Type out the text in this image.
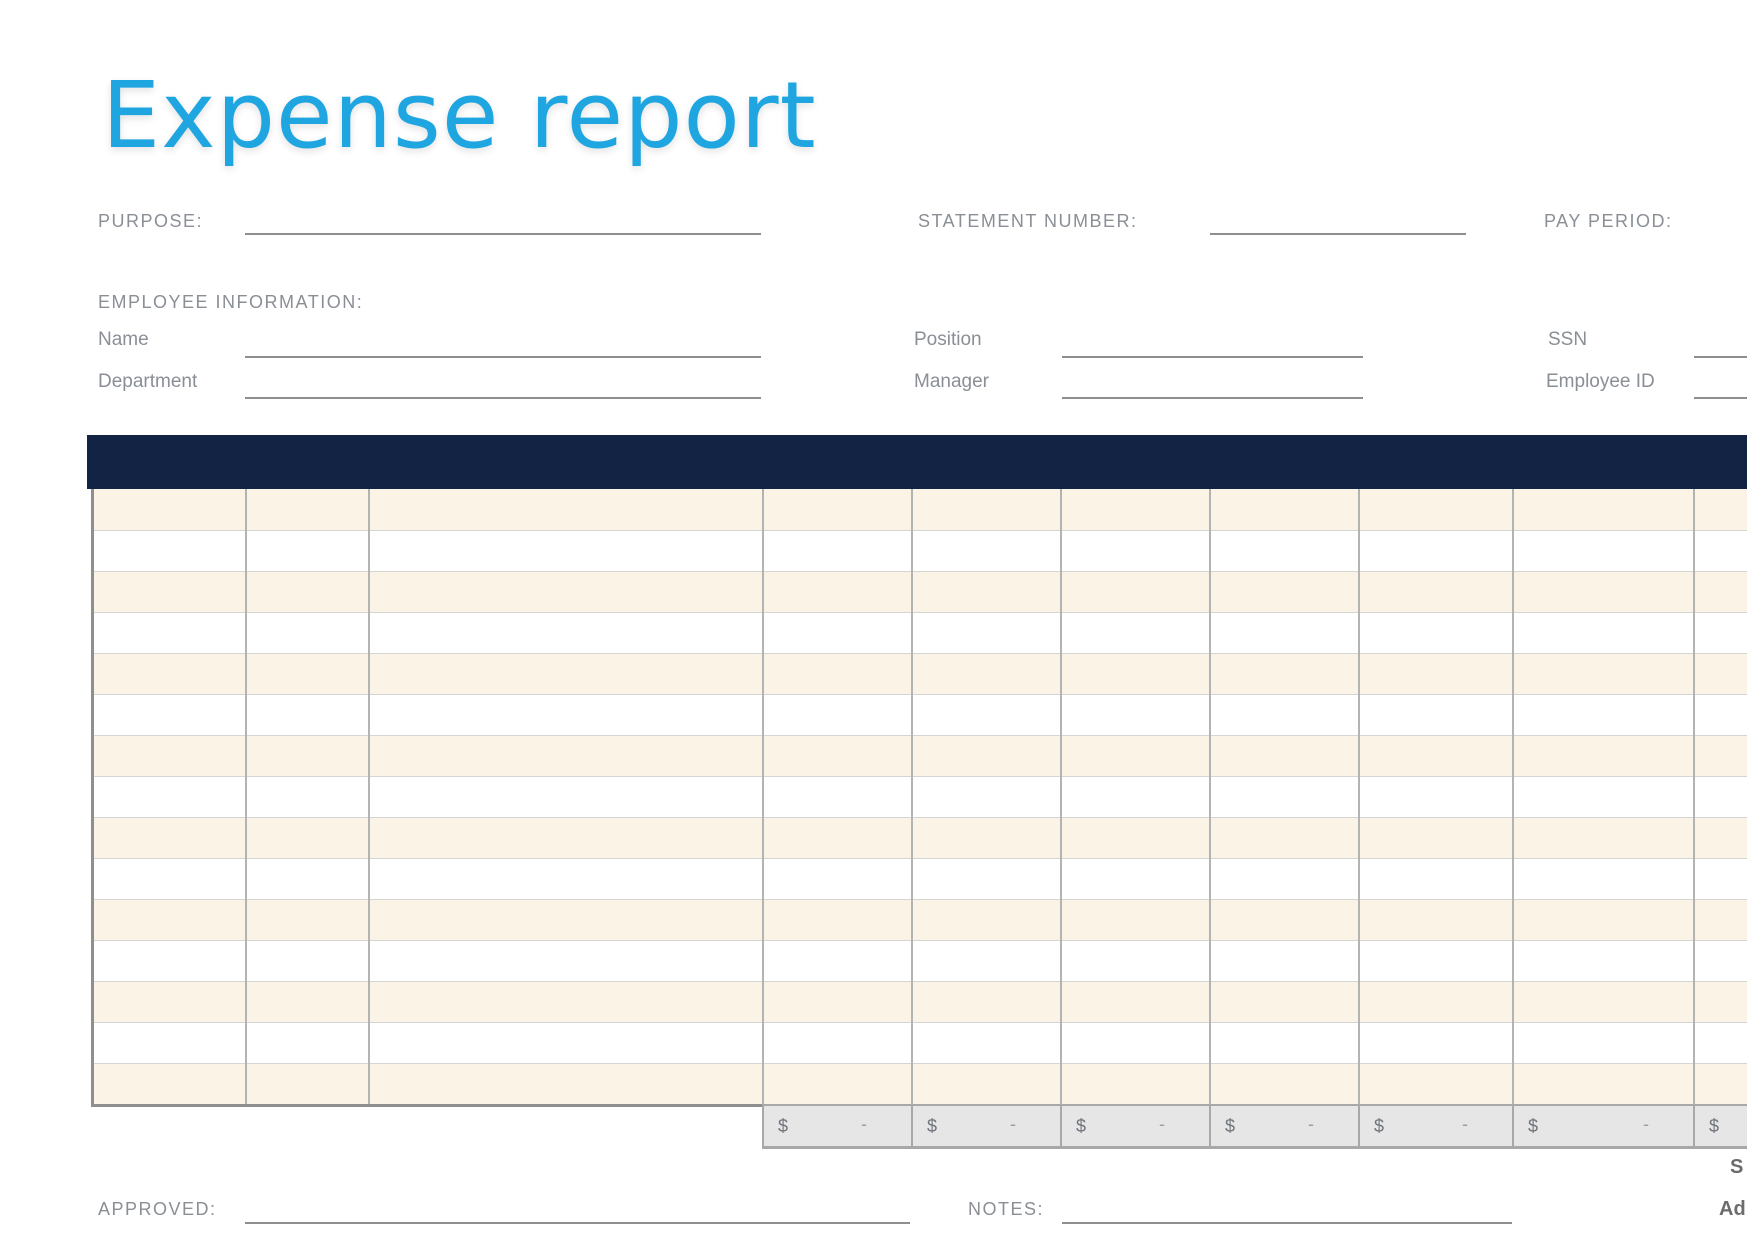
Expense report
PURPOSE:	STATEMENT NUMBER:	PAY PERIOD:
EMPLOYEE INFORMATION:
Name	Position	SSN
Department	Manager	Employee ID
$	-	$	-	$	-	$	-	$	-	$	-	$
S
Ad
APPROVED:	NOTES:
